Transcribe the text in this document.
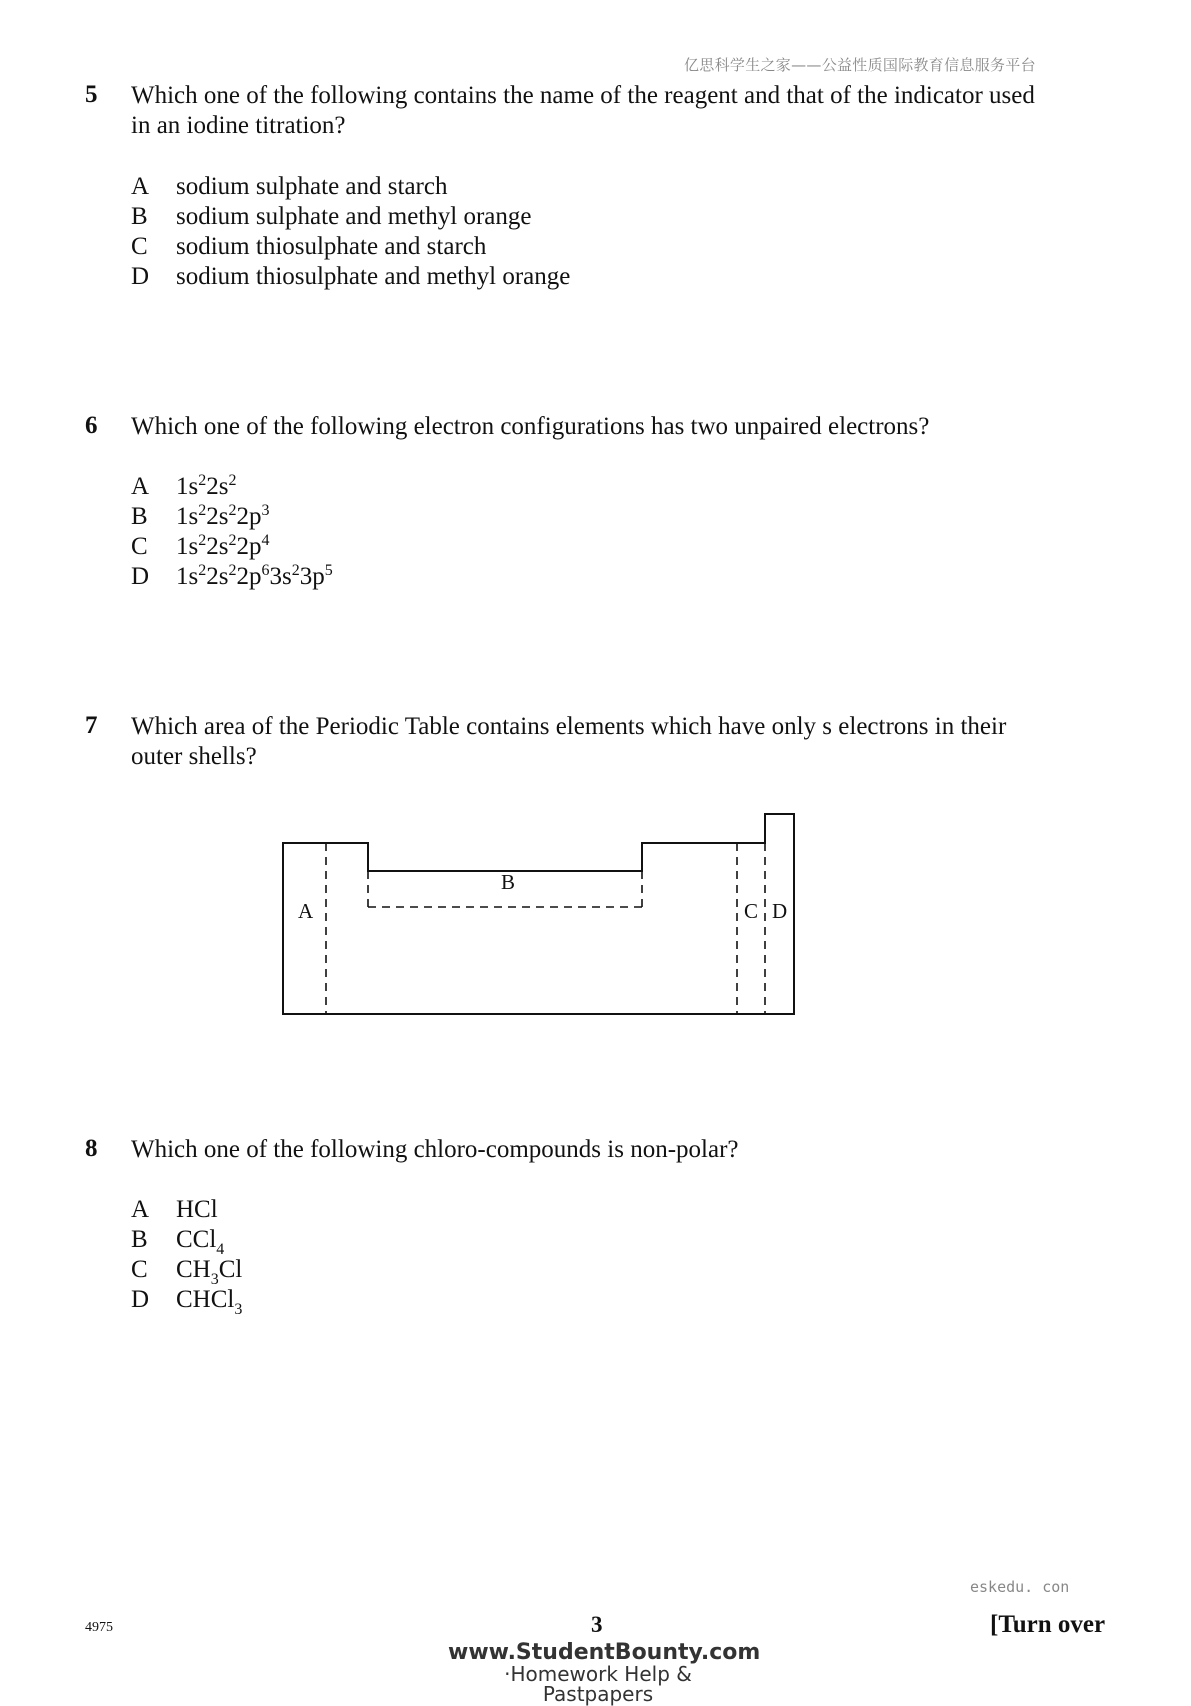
亿思科学生之家——公益性质国际教育信息服务平台
5 Which one of the following contains the name of the reagent and that of the indicator used
in an iodine titration?
A sodium sulphate and starch
B sodium sulphate and methyl orange
C sodium thiosulphate and starch
D sodium thiosulphate and methyl orange
6 Which one of the following electron configurations has two unpaired electrons?
A $1s^22s^2$
B $1s^22s^22p^3$
C $1s^22s^22p^4$
D $1s^22s^22p^63s^23p^5$
7 Which area of the Periodic Table contains elements which have only s electrons in their
outer shells?
A
B
C D
8 Which one of the following chloro-compounds is non-polar?
A HCl
B CCl$_4$
C $CH_3Cl$
D CHCl$_3$
eskedu. con
4975	3	[Turn over
www.StudentBounty.com
·Homework Help & Pastpapers
